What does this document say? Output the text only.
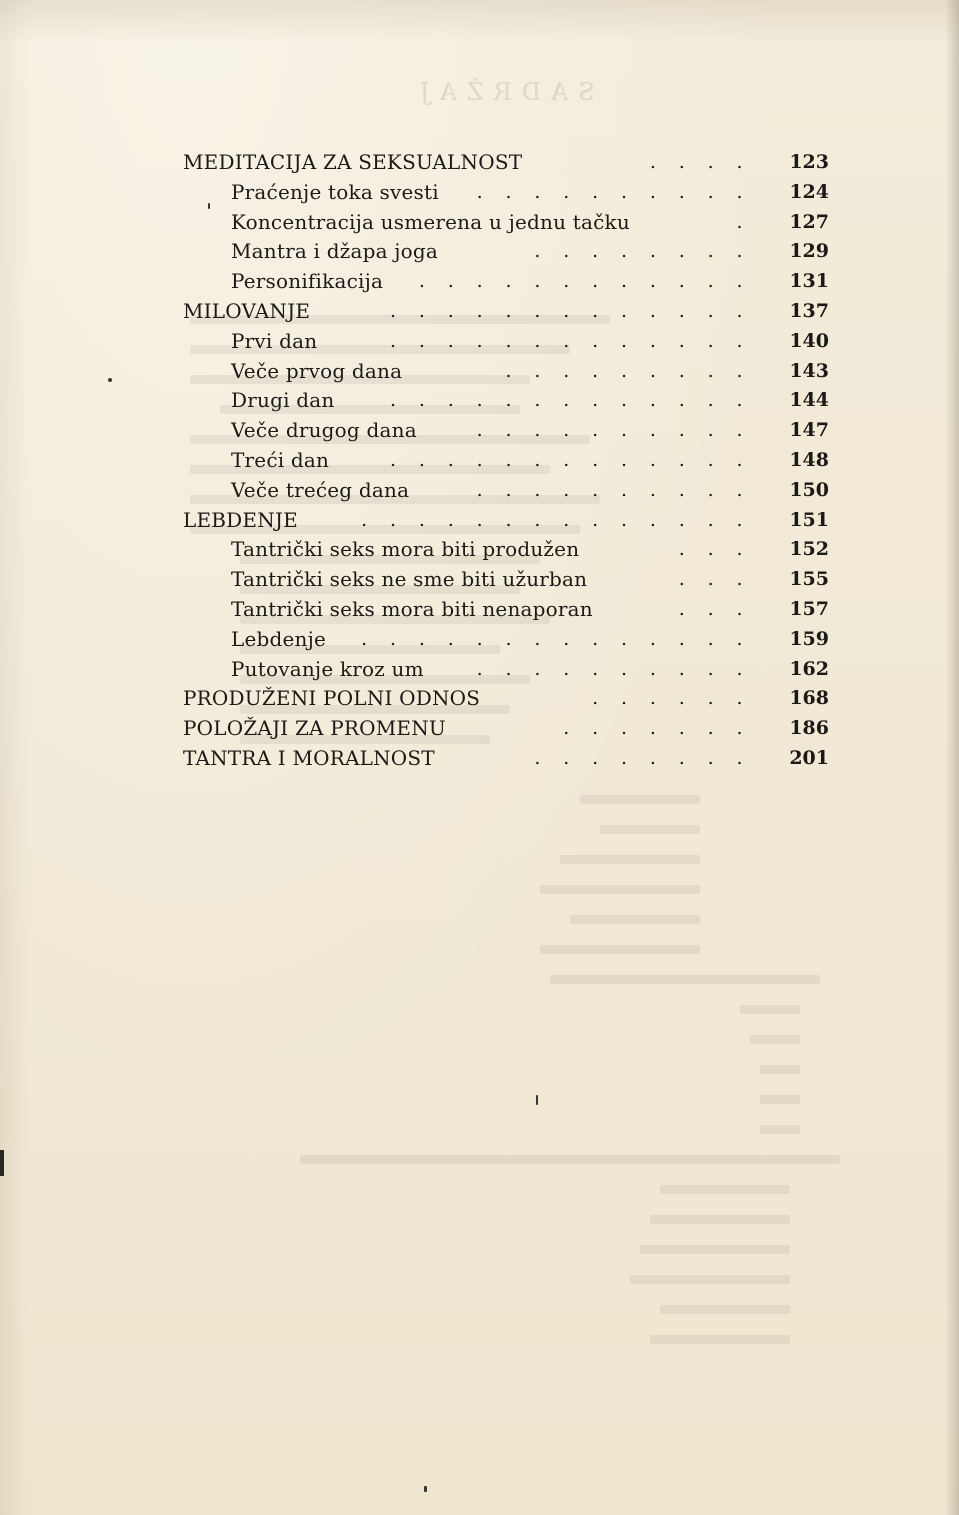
SADRŽAJ
MEDITACIJA ZA SEKSUALNOST	. . . . 123
Praćenje toka svesti . . . . . . . . . . 124
Koncentracija usmerena u jednu tačku	. 127
Mantra i džapa joga	. . . . . . . . 129
Personifikacija . . . . . . . . . . . . 131
MILOVANJE	. . . . . . . . . . . . . 137
Prvi dan	. . . . . . . . . . . . . 140
Veče prvog dana	. . . . . . . . . 143
Drugi dan	. . . . . . . . . . . . . 144
Veče drugog dana	. . . . . . . . . . 147
Treći dan	. . . . . . . . . . . . . 148
Veče trećeg dana	. . . . . . . . . . 150
LEBDENJE	. . . . . . . . . . . . . . 151
Tantrički seks mora biti produžen	. . . 152
Tantrički seks ne sme biti užurban	. . . 155
Tantrički seks mora biti nenaporan	. . . 157
Lebdenje . . . . . . . . . . . . . . 159
Putovanje kroz um	. . . . . . . . . . 162
PRODUŽENI POLNI ODNOS	. . . . . . 168
POLOŽAJI ZA PROMENU	. . . . . . . 186
TANTRA I MORALNOST	. . . . . . . . 201
